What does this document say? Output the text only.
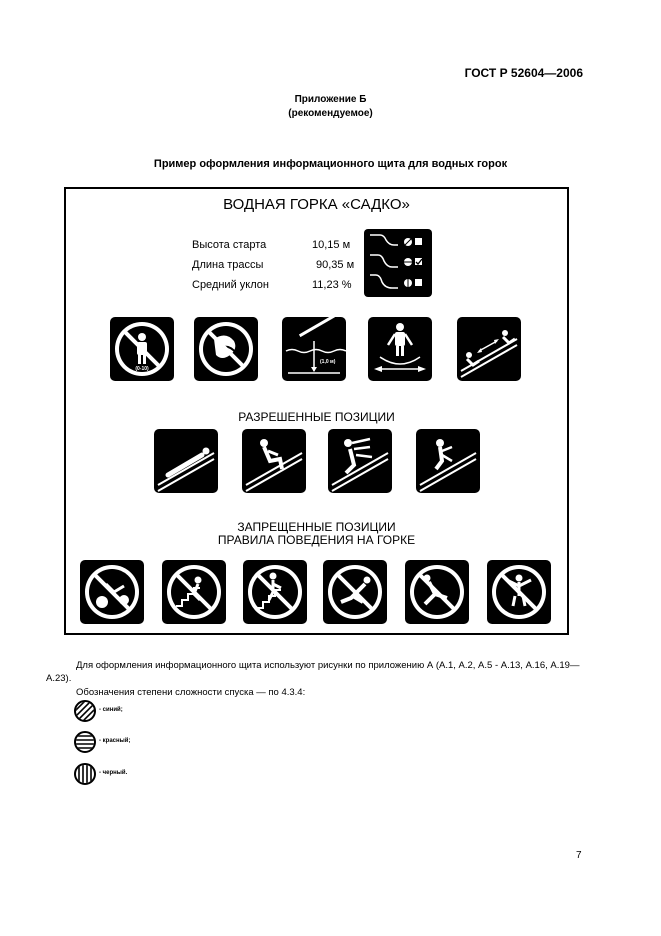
ГОСТ Р 52604—2006
Приложение Б
(рекомендуемое)
Пример оформления информационного щита для водных горок
ВОДНАЯ ГОРКА «САДКО»
Высота старта	10,15 м
Длина трассы	90,35 м
Средний уклон	11,23 %
(0-10)
(1,0 м)
РАЗРЕШЕННЫЕ ПОЗИЦИИ
ЗАПРЕЩЕННЫЕ ПОЗИЦИИ
ПРАВИЛА ПОВЕДЕНИЯ НА ГОРКЕ
Для оформления информационного щита используют рисунки по приложению А (А.1, А.2, А.5 - А.13, А.16, А.19—А.23).
Обозначения степени сложности спуска — по 4.3.4:
- синий;
- красный;
- черный.
7
